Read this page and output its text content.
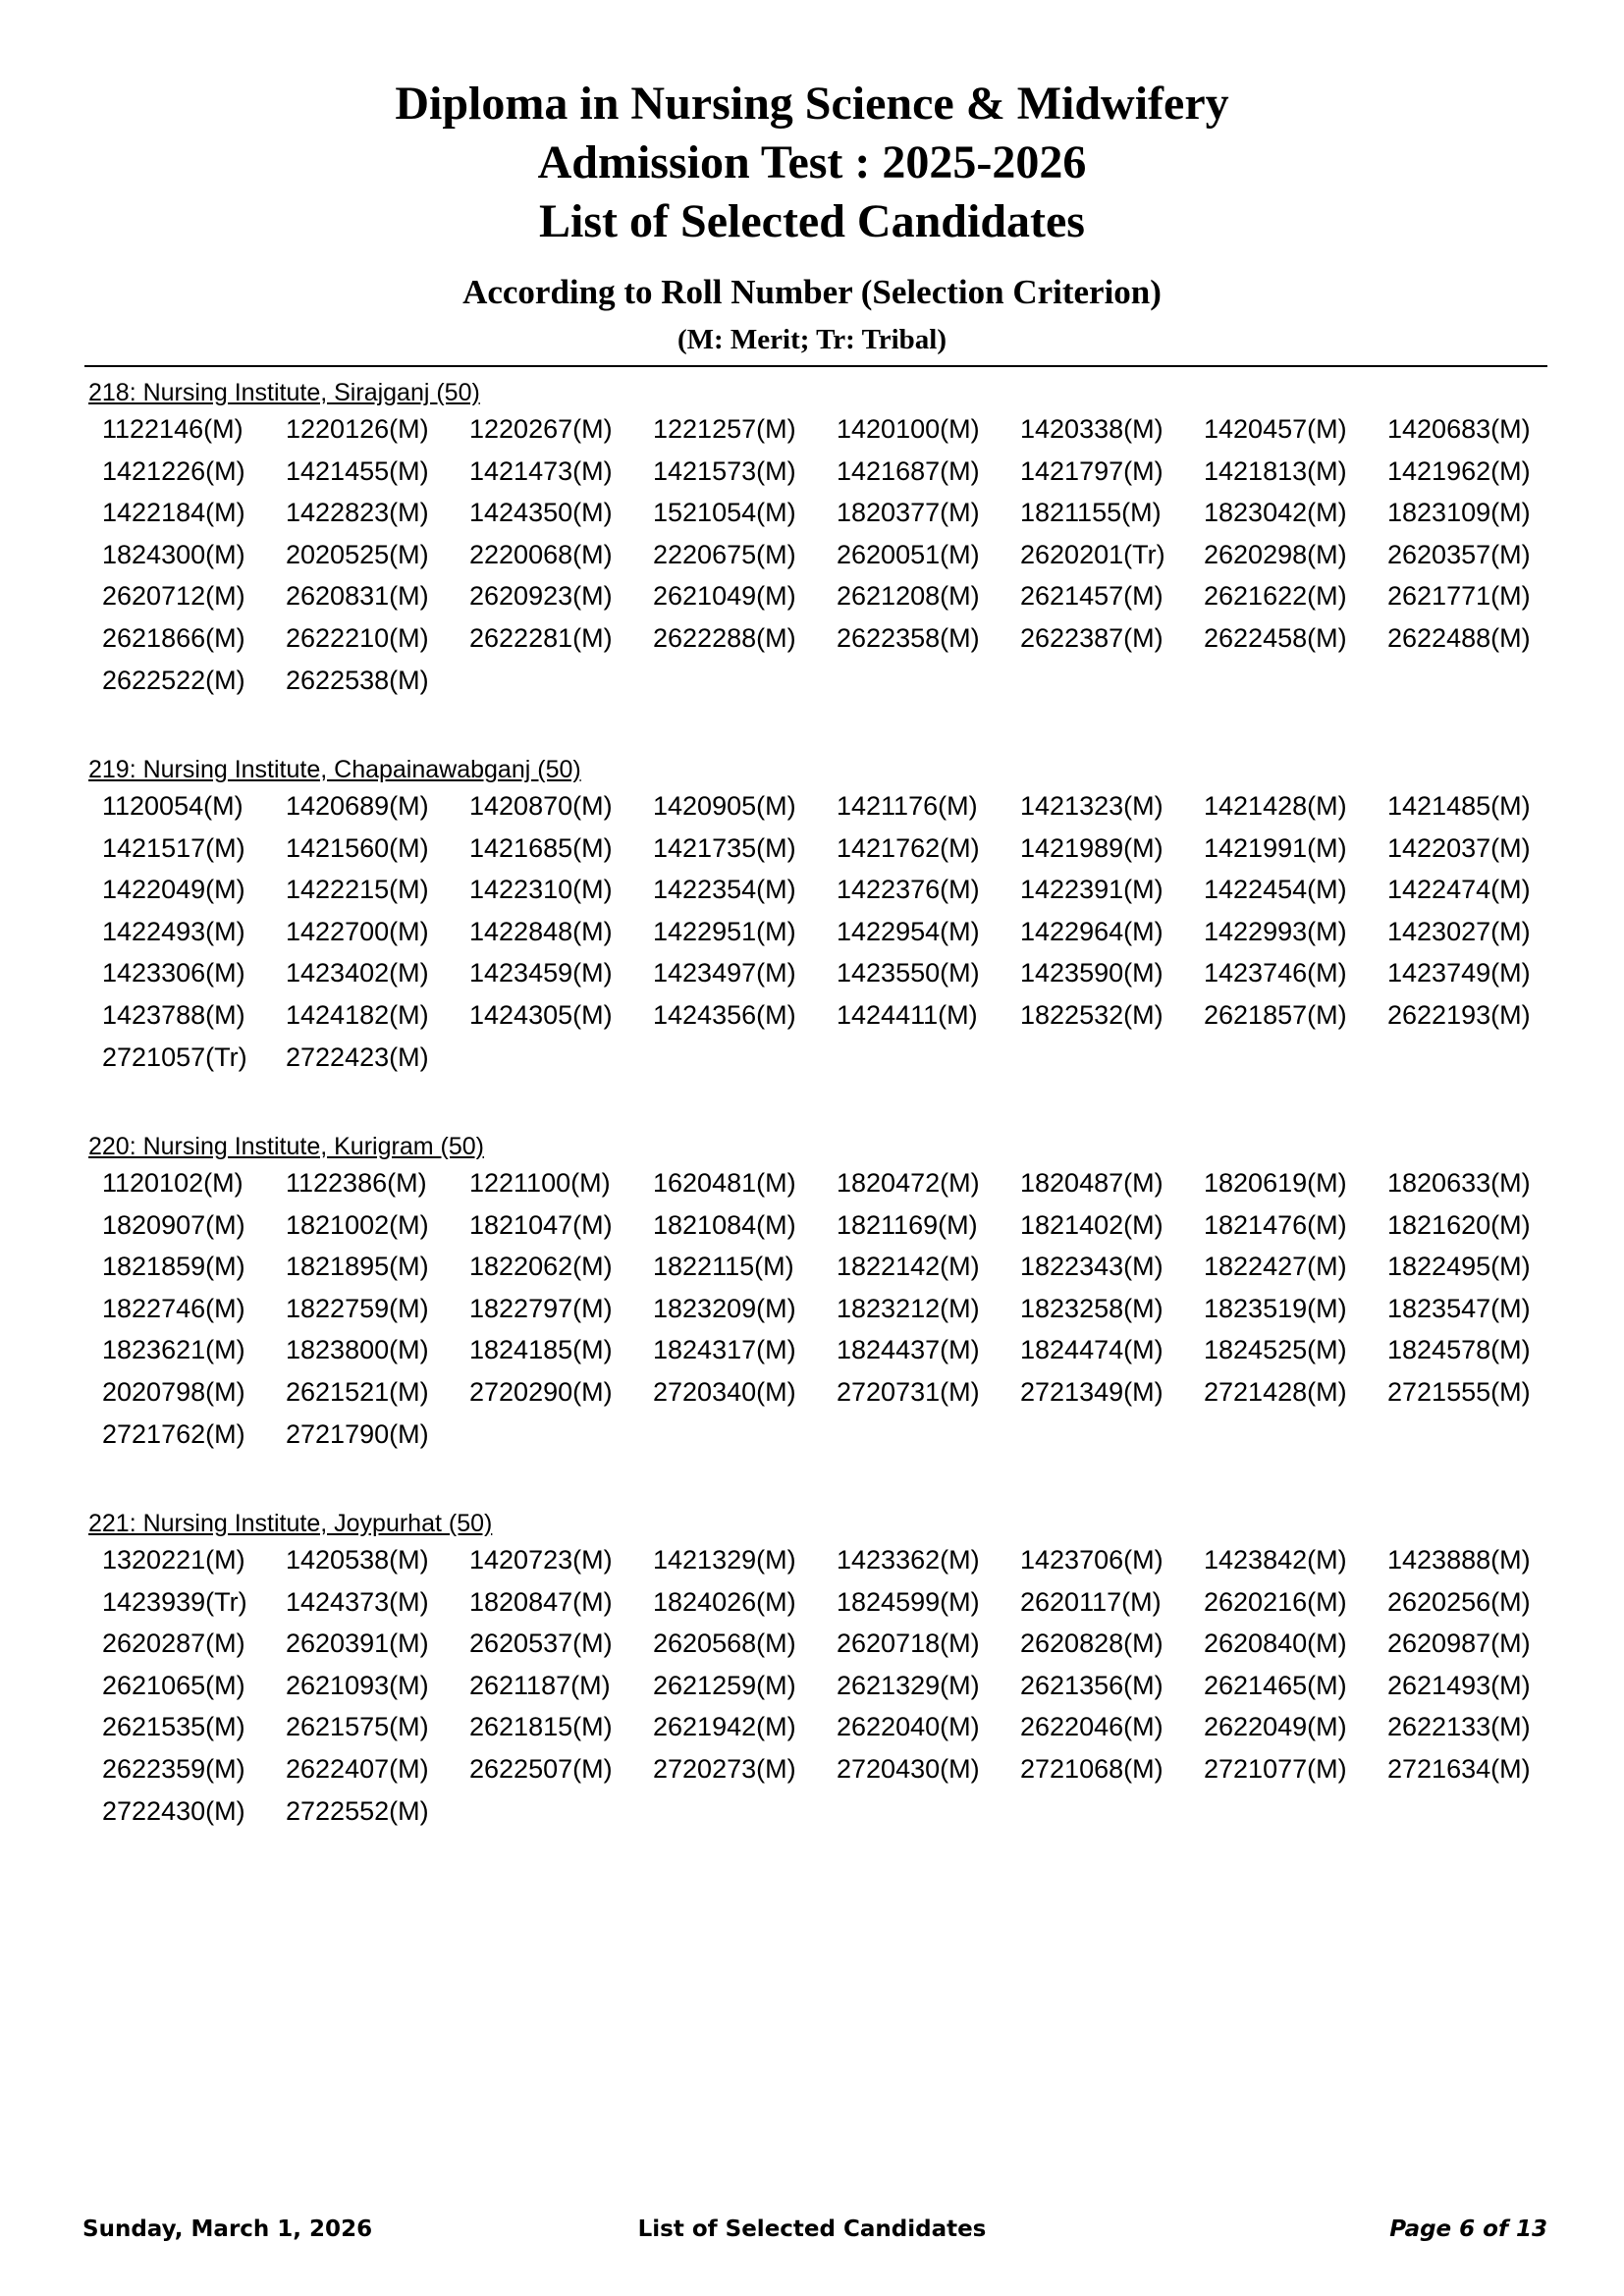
Diploma in Nursing Science & Midwifery
Admission Test : 2025-2026
List of Selected Candidates
According to Roll Number (Selection Criterion)
(M: Merit; Tr: Tribal)
218: Nursing Institute, Sirajganj (50)
1122146(M)	1220126(M)	1220267(M)	1221257(M)	1420100(M)	1420338(M)	1420457(M)	1420683(M)
1421226(M)	1421455(M)	1421473(M)	1421573(M)	1421687(M)	1421797(M)	1421813(M)	1421962(M)
1422184(M)	1422823(M)	1424350(M)	1521054(M)	1820377(M)	1821155(M)	1823042(M)	1823109(M)
1824300(M)	2020525(M)	2220068(M)	2220675(M)	2620051(M)	2620201(Tr)	2620298(M)	2620357(M)
2620712(M)	2620831(M)	2620923(M)	2621049(M)	2621208(M)	2621457(M)	2621622(M)	2621771(M)
2621866(M)	2622210(M)	2622281(M)	2622288(M)	2622358(M)	2622387(M)	2622458(M)	2622488(M)
2622522(M)	2622538(M)
219: Nursing Institute, Chapainawabganj (50)
1120054(M)	1420689(M)	1420870(M)	1420905(M)	1421176(M)	1421323(M)	1421428(M)	1421485(M)
1421517(M)	1421560(M)	1421685(M)	1421735(M)	1421762(M)	1421989(M)	1421991(M)	1422037(M)
1422049(M)	1422215(M)	1422310(M)	1422354(M)	1422376(M)	1422391(M)	1422454(M)	1422474(M)
1422493(M)	1422700(M)	1422848(M)	1422951(M)	1422954(M)	1422964(M)	1422993(M)	1423027(M)
1423306(M)	1423402(M)	1423459(M)	1423497(M)	1423550(M)	1423590(M)	1423746(M)	1423749(M)
1423788(M)	1424182(M)	1424305(M)	1424356(M)	1424411(M)	1822532(M)	2621857(M)	2622193(M)
2721057(Tr)	2722423(M)
220: Nursing Institute, Kurigram (50)
1120102(M)	1122386(M)	1221100(M)	1620481(M)	1820472(M)	1820487(M)	1820619(M)	1820633(M)
1820907(M)	1821002(M)	1821047(M)	1821084(M)	1821169(M)	1821402(M)	1821476(M)	1821620(M)
1821859(M)	1821895(M)	1822062(M)	1822115(M)	1822142(M)	1822343(M)	1822427(M)	1822495(M)
1822746(M)	1822759(M)	1822797(M)	1823209(M)	1823212(M)	1823258(M)	1823519(M)	1823547(M)
1823621(M)	1823800(M)	1824185(M)	1824317(M)	1824437(M)	1824474(M)	1824525(M)	1824578(M)
2020798(M)	2621521(M)	2720290(M)	2720340(M)	2720731(M)	2721349(M)	2721428(M)	2721555(M)
2721762(M)	2721790(M)
221: Nursing Institute, Joypurhat (50)
1320221(M)	1420538(M)	1420723(M)	1421329(M)	1423362(M)	1423706(M)	1423842(M)	1423888(M)
1423939(Tr)	1424373(M)	1820847(M)	1824026(M)	1824599(M)	2620117(M)	2620216(M)	2620256(M)
2620287(M)	2620391(M)	2620537(M)	2620568(M)	2620718(M)	2620828(M)	2620840(M)	2620987(M)
2621065(M)	2621093(M)	2621187(M)	2621259(M)	2621329(M)	2621356(M)	2621465(M)	2621493(M)
2621535(M)	2621575(M)	2621815(M)	2621942(M)	2622040(M)	2622046(M)	2622049(M)	2622133(M)
2622359(M)	2622407(M)	2622507(M)	2720273(M)	2720430(M)	2721068(M)	2721077(M)	2721634(M)
2722430(M)	2722552(M)
Sunday, March 1, 2026	List of Selected Candidates	Page 6 of 13
